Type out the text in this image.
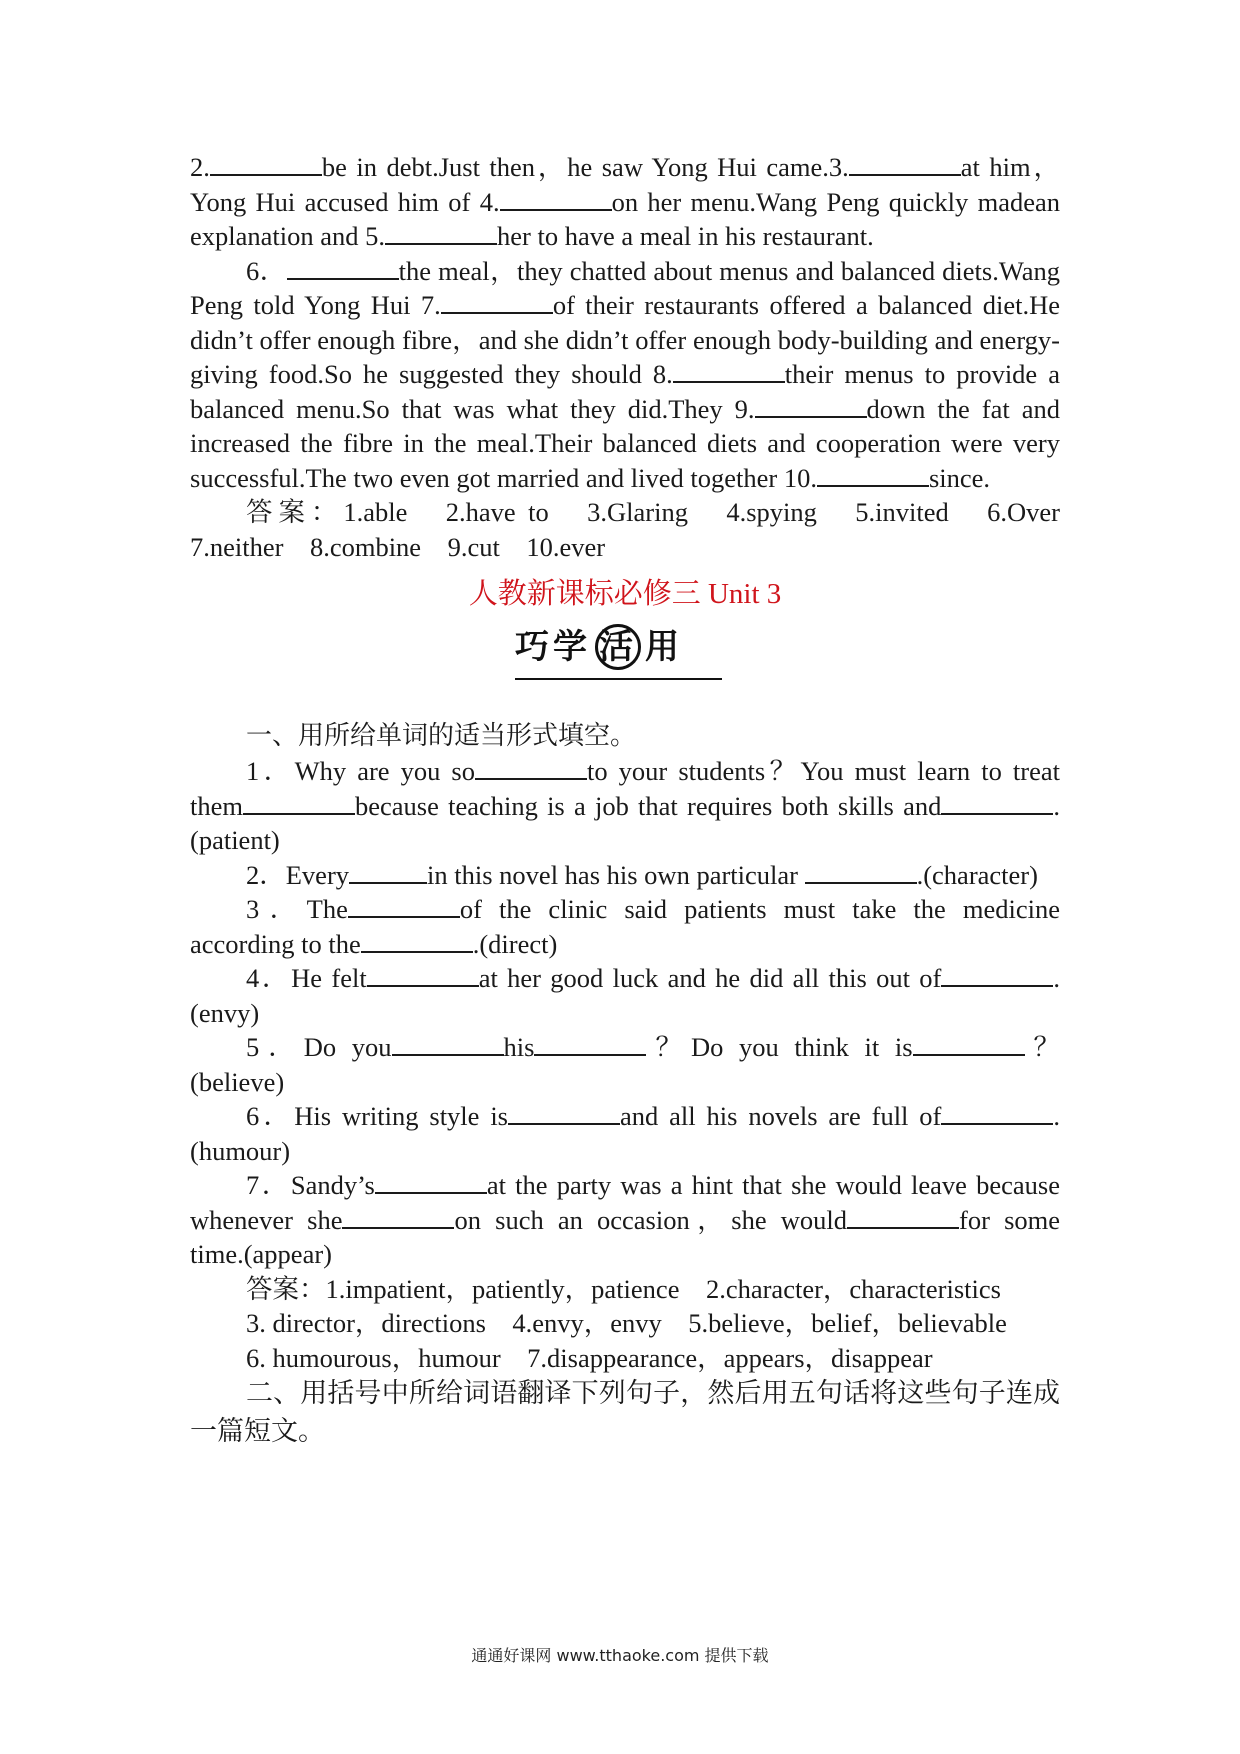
2.	be in debt.Just then，he saw Yong Hui came.3.	at him，Yong Hui accused him of 4.	on her menu.Wang Peng quickly madean explanation and 5.	her to have a meal in his restaurant.

6．	the meal，they chatted about menus and balanced diets.Wang Peng told Yong Hui 7.	of their restaurants offered a balanced diet.He didn’t offer enough fibre，and she didn’t offer enough body-building and energy-giving food.So he suggested they should 8.	their menus to provide a balanced menu.So that was what they did.They 9.	down the fat and increased the fibre in the meal.Their balanced diets and cooperation were very successful.The two even got married and lived together 10.	since.

答案：1.able　2.have to　3.Glaring　4.spying　5.invited　6.Over　7.neither　8.combine　9.cut　10.ever

人教新课标必修三 Unit 3
巧学 活 用

一、用所给单词的适当形式填空。

1．Why are you so	to your students？You must learn to treat them	because teaching is a job that requires both skills and	.(patient)

2．Every	in this novel has his own particular	.(character)

3．The	of the clinic said patients must take the medicine according to the	.(direct)

4．He felt	at her good luck and he did all this out of	.(envy)

5．Do you	his	？Do you think it is	？(believe)

6．His writing style is	and all his novels are full of	.(humour)

7．Sandy’s	at the party was a hint that she would leave because whenever she	on such an occasion，she would	for some time.(appear)

答案：1.impatient，patiently，patience　2.character，characteristics

3. director，directions　4.envy，envy　5.believe，belief，believable

6. humourous，humour　7.disappearance，appears，disappear

二、用括号中所给词语翻译下列句子，然后用五句话将这些句子连成一篇短文。

通通好课网 www.tthaoke.com 提供下载
